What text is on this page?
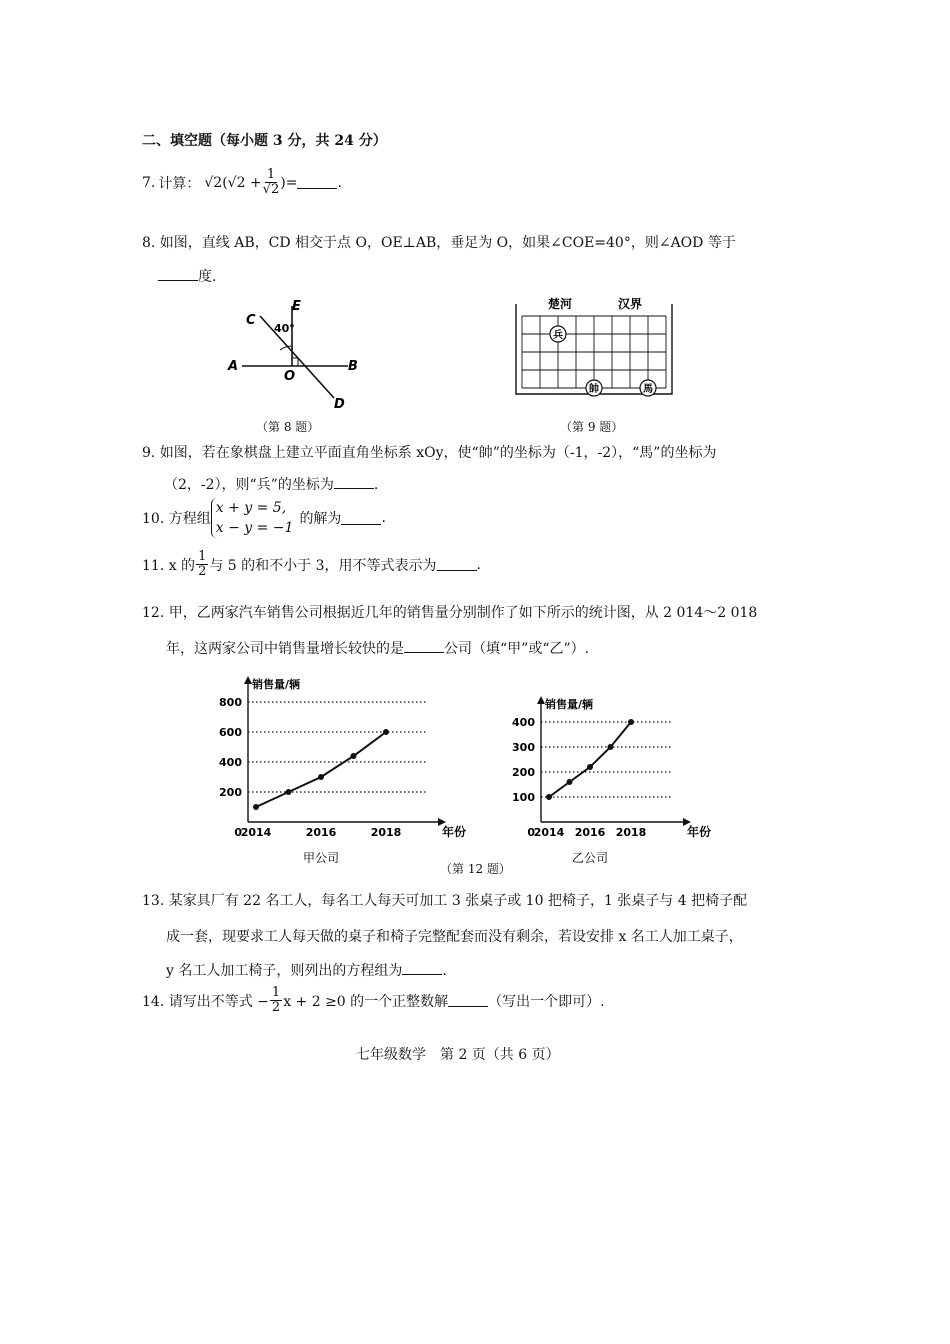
二、填空题（每小题 3 分，共 24 分）
7. 计算： $√2(√2 + \frac{1}{√2}$ )=	.
8. 如图，直线 AB，CD 相交于点 O，OE⊥AB，垂足为 O，如果∠COE=40°，则∠AOD 等于
度.
C
E
40°
A
O
B
D
（第 8 题）
楚河	汉界
兵
帥	馬
（第 9 题）
9. 如图，若在象棋盘上建立平面直角坐标系 xOy，使“帥”的坐标为（-1，-2），“馬”的坐标为
（2，-2），则“兵”的坐标为	.
10. 方程组
x + y = 5,
x − y = −1
的解为	.
11. x 的 $\frac{1}{2}$ 与 5 的和不小于 3，用不等式表示为	.
12. 甲，乙两家汽车销售公司根据近几年的销售量分别制作了如下所示的统计图，从 2 014～2 018
年，这两家公司中销售量增长较快的是	公司（填“甲”或“乙”）.
200
400
600
800
0
2014	2016	2018
销售量/辆
年份
甲公司
100
200
300
400
0
2014 2016 2018
销售量/辆
年份
乙公司
（第 12 题）
13. 某家具厂有 22 名工人，每名工人每天可加工 3 张桌子或 10 把椅子，1 张桌子与 4 把椅子配
成一套，现要求工人每天做的桌子和椅子完整配套而没有剩余，若设安排 x 名工人加工桌子，
y 名工人加工椅子，则列出的方程组为	.
14. 请写出不等式 − $\frac{1}{2}$ x + 2 ≥0 的一个正整数解	（写出一个即可）.
七年级数学　第 2 页（共 6 页）
